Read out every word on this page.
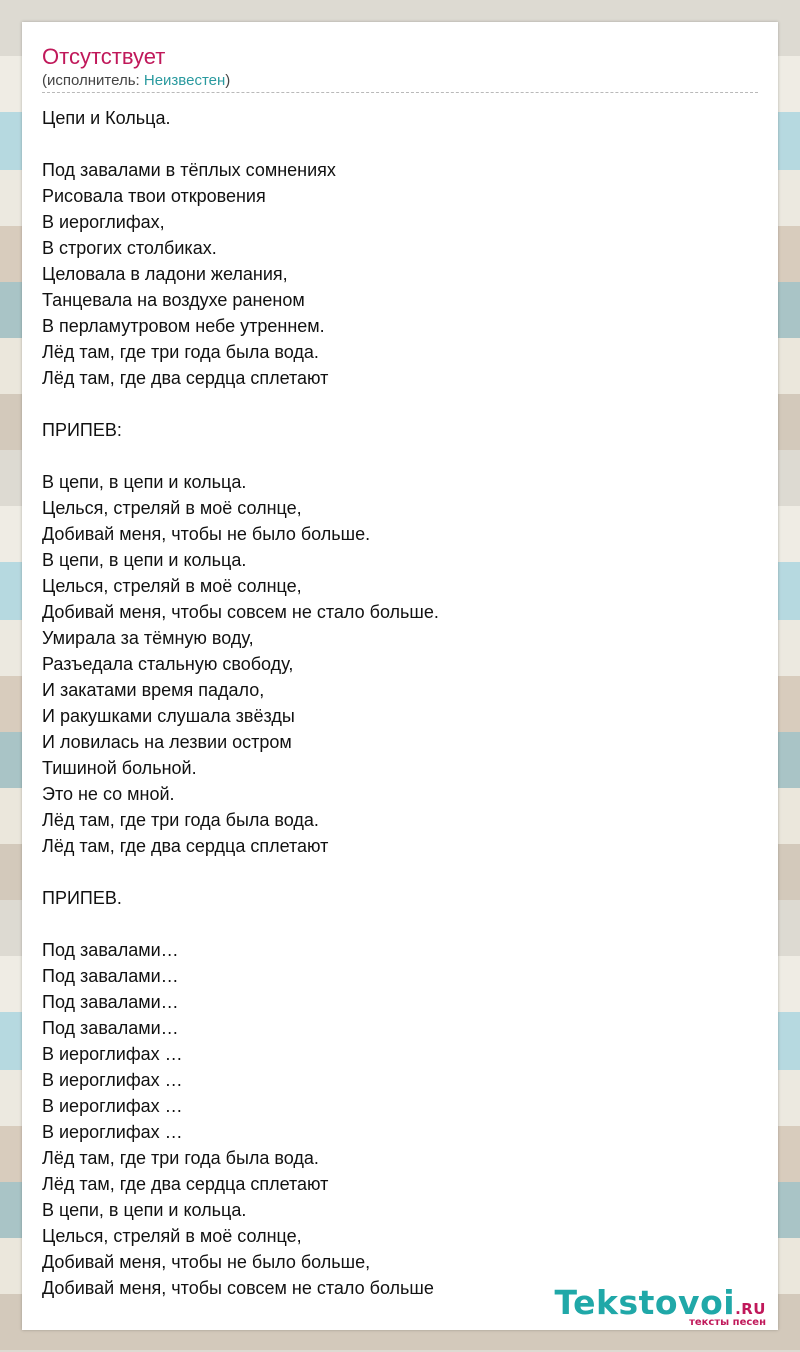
Отсутствует
(исполнитель: Неизвестен)
Цепи и Кольца.
Под завалами в тёплых сомнениях
Рисовала твои откровения
В иероглифах,
В строгих столбиках.
Целовала в ладони желания,
Танцевала на воздухе раненом
В перламутровом небе утреннем.
Лёд там, где три года была вода.
Лёд там, где два сердца сплетают
ПРИПЕВ:
В цепи, в цепи и кольца.
Целься, стреляй в моё солнце,
Добивай меня, чтобы не было больше.
В цепи, в цепи и кольца.
Целься, стреляй в моё солнце,
Добивай меня, чтобы совсем не стало больше.
Умирала за тёмную воду,
Разъедала стальную свободу,
И закатами время падало,
И ракушками слушала звёзды
И ловилась на лезвии остром
Тишиной больной.
Это не со мной.
Лёд там, где три года была вода.
Лёд там, где два сердца сплетают
ПРИПЕВ.
Под завалами…
Под завалами…
Под завалами…
Под завалами…
В иероглифах …
В иероглифах …
В иероглифах …
В иероглифах …
Лёд там, где три года была вода.
Лёд там, где два сердца сплетают
В цепи, в цепи и кольца.
Целься, стреляй в моё солнце,
Добивай меня, чтобы не было больше,
Добивай меня, чтобы совсем не стало больше	Tekstovoi.RU
тексты песен
